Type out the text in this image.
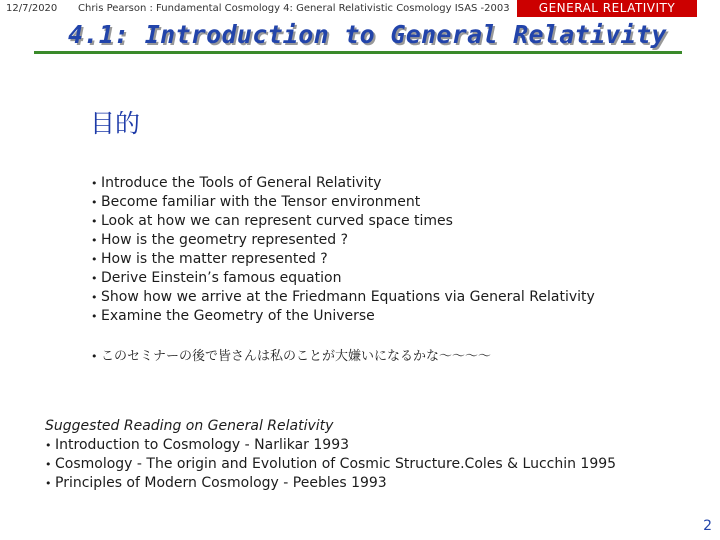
12/7/2020 Chris Pearson : Fundamental Cosmology 4: General Relativistic Cosmology ISAS -2003	GENERAL RELATIVITY
4.1: Introduction to General Relativity
目的
• Introduce the Tools of General Relativity
• Become familiar with the Tensor environment
• Look at how we can represent curved space times
• How is the geometry represented ?
• How is the matter represented ?
• Derive Einstein’s famous equation
• Show how we arrive at the Friedmann Equations via General Relativity
• Examine the Geometry of the Universe
• このセミナーの後で皆さんは私のことが大嫌いになるかな～～～～
Suggested Reading on General Relativity
• Introduction to Cosmology - Narlikar 1993
• Cosmology - The origin and Evolution of Cosmic Structure.Coles & Lucchin 1995
• Principles of Modern Cosmology - Peebles 1993
2
